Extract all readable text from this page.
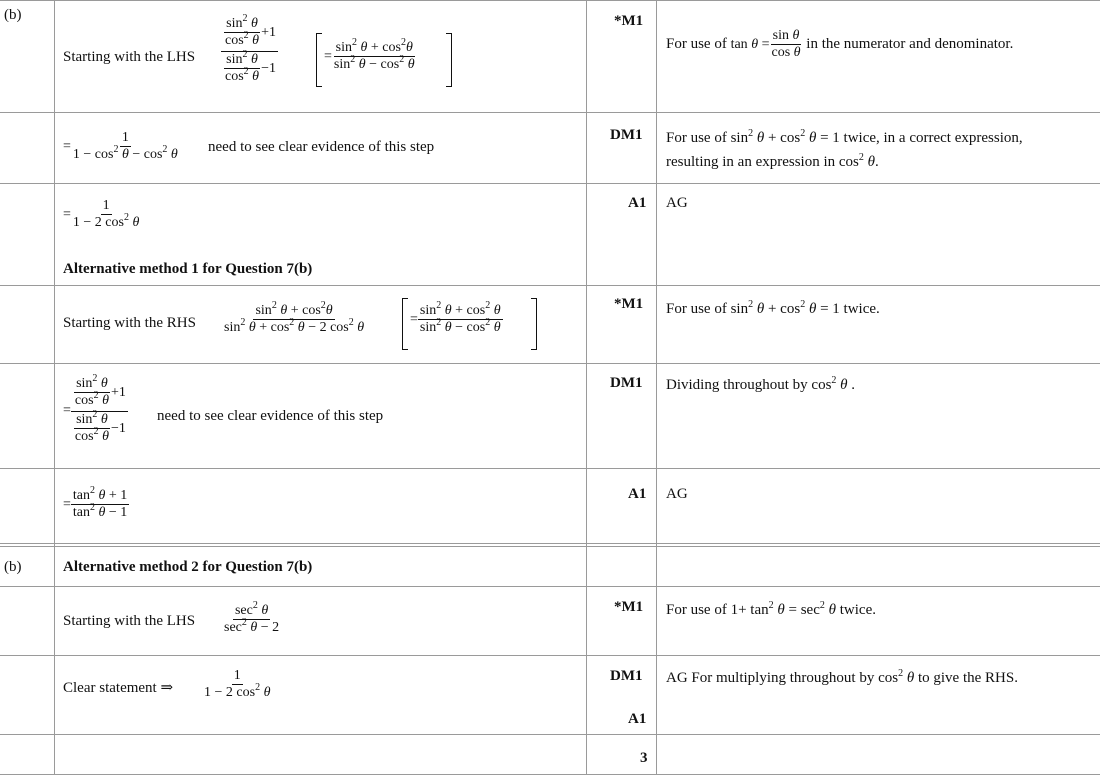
(b)
(b)
Starting with the LHS $\frac{\frac{\sin^2 \theta}{\cos^2 \theta} +1}{\frac{\sin^2 \theta}{\cos^2 \theta} -1}$	= $\frac{\sin^2 \theta + \cos^2\theta}{\sin^2 \theta - \cos^2 \theta}$
= $\frac{1}{1 - \cos^2 \theta - \cos^2 \theta}$ need to see clear evidence of this step
= $\frac{1}{1 - 2 \cos^2 \theta}$
Alternative method 1 for Question 7(b)
Starting with the RHS $\frac{\sin^2 \theta + \cos^2\theta}{\sin^2 \theta + \cos^2 \theta - 2 \cos^2 \theta}$	= $\frac{\sin^2 \theta + \cos^2 \theta}{\sin^2 \theta - \cos^2 \theta}$
= $\frac{\frac{\sin^2 \theta}{\cos^2 \theta} +1}{\frac{\sin^2 \theta}{\cos^2 \theta} -1}$ need to see clear evidence of this step
= $\frac{\tan^2 \theta + 1}{\tan^2 \theta - 1}$
Alternative method 2 for Question 7(b)
Starting with the LHS $\frac{\sec^2 \theta}{\sec^2 \theta - 2}$
Clear statement ⇒ $\frac{1}{1 - 2 \cos^2 \theta}$
*M1
DM1
A1
*M1
DM1
A1
*M1
DM1
A1
3
For use of $\tan \theta = \frac{\text{sin θ}}{\text{cos θ}}$ in the numerator and denominator.
For use of $\sin^2 \theta + \cos^2 \theta = 1$ twice, in a correct expression,
resulting in an expression in $\cos^2 \theta$.
AG
For use of $\sin^2 \theta + \cos^2 \theta = 1$ twice.
Dividing throughout by $\cos^2 \theta$ .
AG
For use of $1+ \tan^2 \theta = \sec^2 \theta$ twice.
AG For multiplying throughout by $\cos^2 \theta$ to give the RHS.
